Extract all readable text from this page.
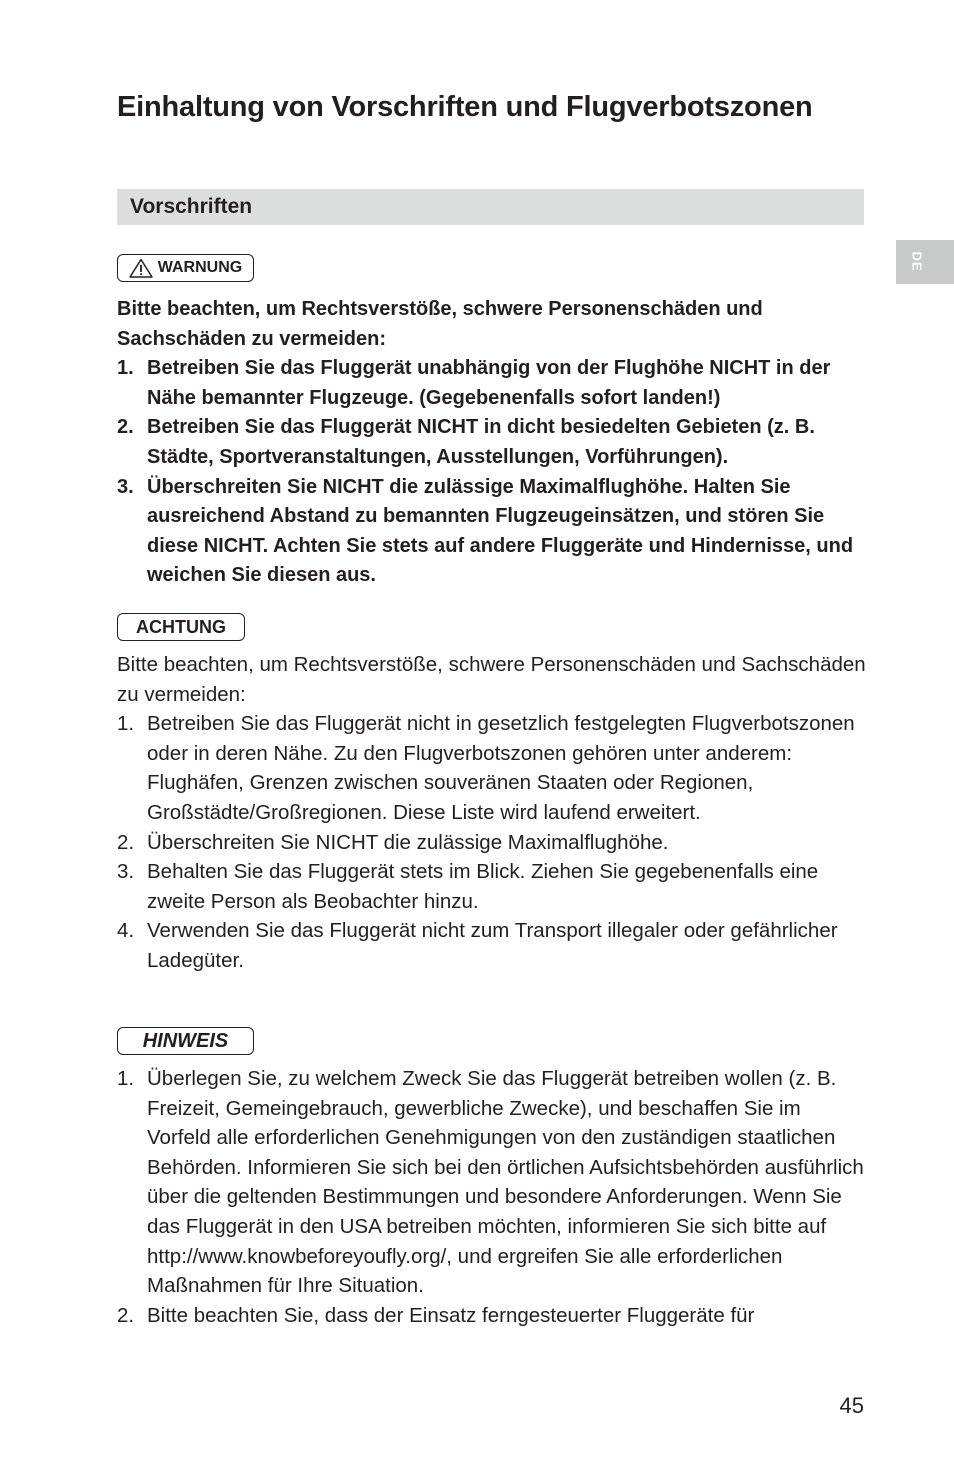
Einhaltung von Vorschriften und Flugverbotszonen
Vorschriften
DE
WARNUNG

Bitte beachten, um Rechtsverstöße, schwere Personenschäden und Sachschäden zu vermeiden:

1. Betreiben Sie das Fluggerät unabhängig von der Flughöhe NICHT in der Nähe bemannter Flugzeuge. (Gegebenenfalls sofort landen!)
2. Betreiben Sie das Fluggerät NICHT in dicht besiedelten Gebieten (z. B. Städte, Sportveranstaltungen, Ausstellungen, Vorführungen).
3. Überschreiten Sie NICHT die zulässige Maximalflughöhe. Halten Sie ausreichend Abstand zu bemannten Flugzeugeinsätzen, und stören Sie diese NICHT. Achten Sie stets auf andere Fluggeräte und Hindernisse, und weichen Sie diesen aus.
ACHTUNG

Bitte beachten, um Rechtsverstöße, schwere Personenschäden und Sachschäden zu vermeiden:

1. Betreiben Sie das Fluggerät nicht in gesetzlich festgelegten Flugverbotszonen oder in deren Nähe. Zu den Flugverbotszonen gehören unter anderem: Flughäfen, Grenzen zwischen souveränen Staaten oder Regionen, Großstädte/Großregionen. Diese Liste wird laufend erweitert.
2. Überschreiten Sie NICHT die zulässige Maximalflughöhe.
3. Behalten Sie das Fluggerät stets im Blick. Ziehen Sie gegebenenfalls eine zweite Person als Beobachter hinzu.
4. Verwenden Sie das Fluggerät nicht zum Transport illegaler oder gefährlicher Ladegüter.
HINWEIS
1. Überlegen Sie, zu welchem Zweck Sie das Fluggerät betreiben wollen (z. B. Freizeit, Gemeingebrauch, gewerbliche Zwecke), und beschaffen Sie im Vorfeld alle erforderlichen Genehmigungen von den zuständigen staatlichen Behörden. Informieren Sie sich bei den örtlichen Aufsichtsbehörden ausführlich über die geltenden Bestimmungen und besondere Anforderungen. Wenn Sie das Fluggerät in den USA betreiben möchten, informieren Sie sich bitte auf http://www.knowbeforeyoufly.org/, und ergreifen Sie alle erforderlichen Maßnahmen für Ihre Situation.
2. Bitte beachten Sie, dass der Einsatz ferngesteuerter Fluggeräte für
45
